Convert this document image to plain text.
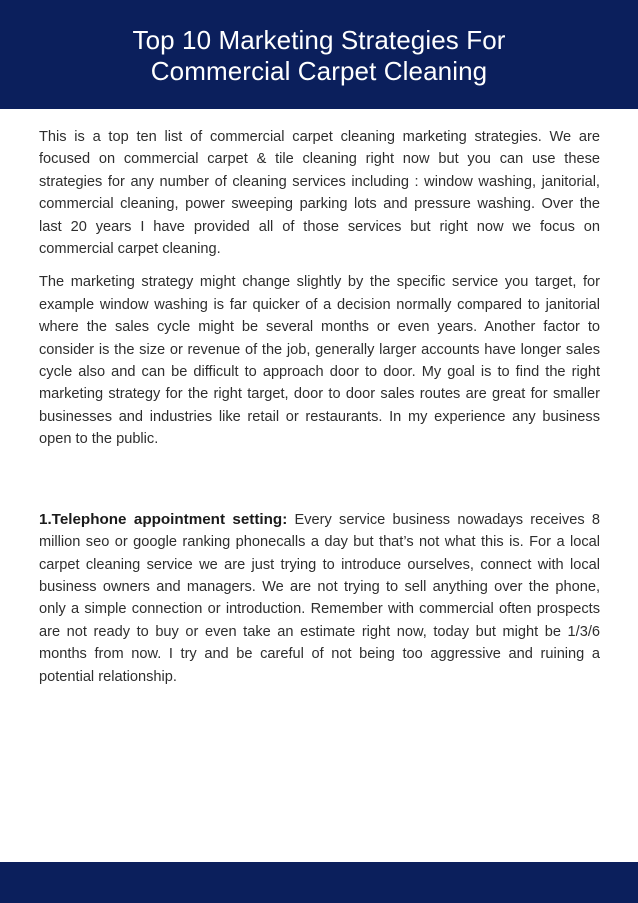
Top 10 Marketing Strategies For Commercial Carpet Cleaning

This is a top ten list of commercial carpet cleaning marketing strategies. We are focused on commercial carpet & tile cleaning right now but you can use these strategies for any number of cleaning services including : window washing, janitorial, commercial cleaning, power sweeping parking lots and pressure washing. Over the last 20 years I have provided all of those services but right now we focus on commercial carpet cleaning.

The marketing strategy might change slightly by the specific service you target, for example window washing is far quicker of a decision normally compared to janitorial where the sales cycle might be several months or even years. Another factor to consider is the size or revenue of the job, generally larger accounts have longer sales cycle also and can be difficult to approach door to door. My goal is to find the right marketing strategy for the right target, door to door sales routes are great for smaller businesses and industries like retail or restaurants. In my experience any business open to the public.

1.Telephone appointment setting: Every service business nowadays receives 8 million seo or google ranking phonecalls a day but that’s not what this is. For a local carpet cleaning service we are just trying to introduce ourselves, connect with local business owners and managers. We are not trying to sell anything over the phone, only a simple connection or introduction. Remember with commercial often prospects are not ready to buy or even take an estimate right now, today but might be 1/3/6 months from now. I try and be careful of not being too aggressive and ruining a potential relationship.
